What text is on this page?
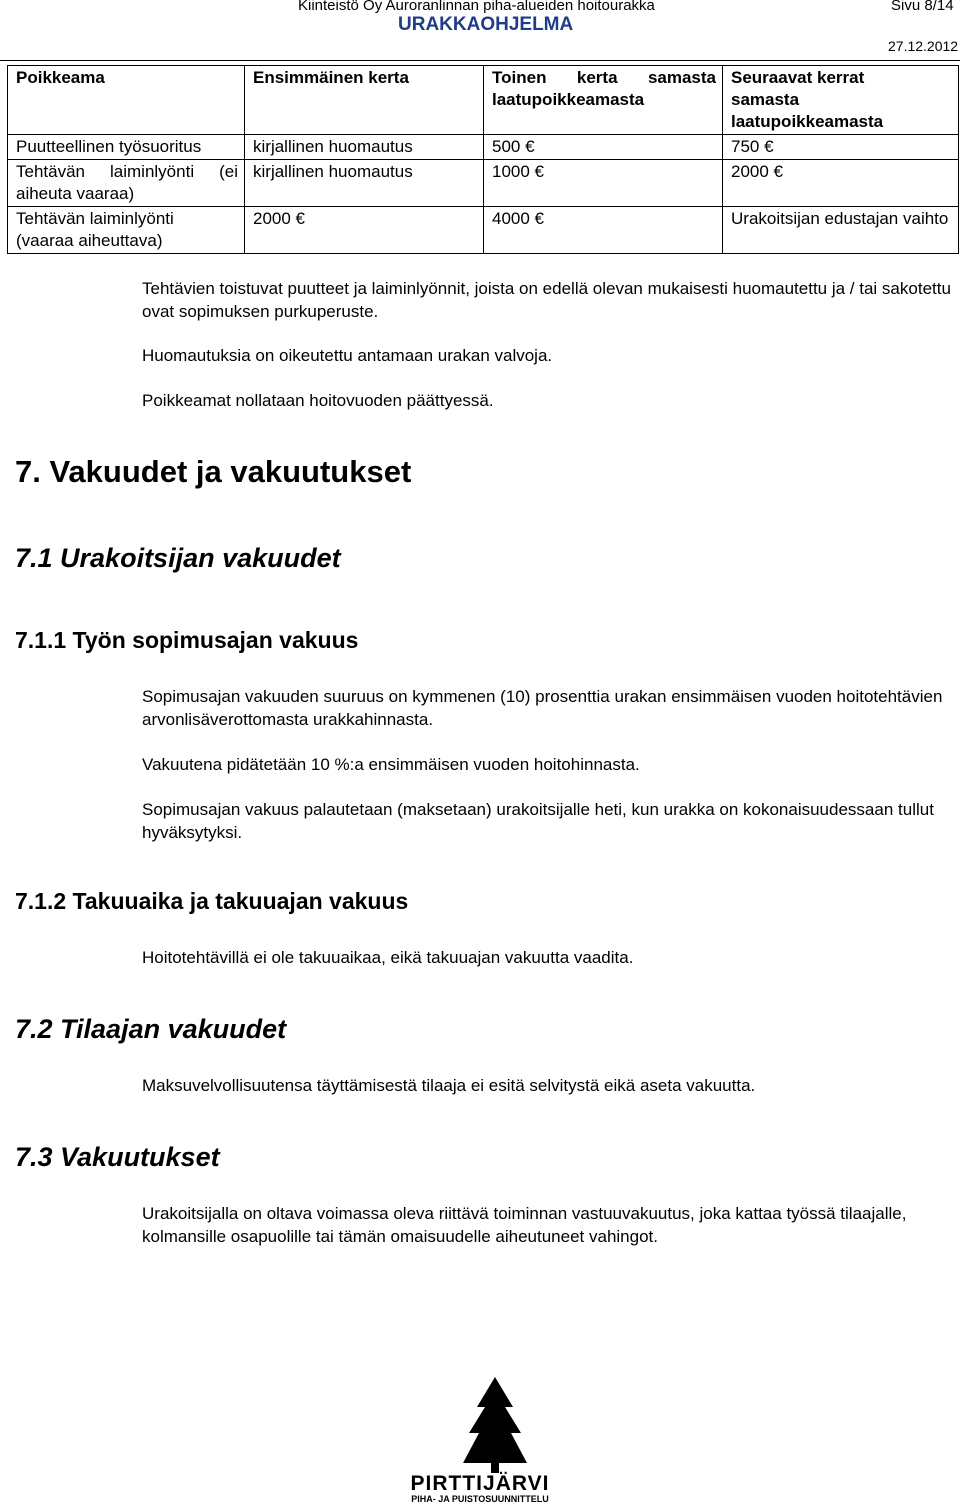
Kiinteistö Oy Auroranlinnan piha-alueiden hoitourakka
URAKKAOHJELMA
Sivu 8/14
27.12.2012
Poikkeama	Ensimmäinen kerta	Toinen kerta samasta laatupoikkeamasta	Seuraavat kerrat samasta laatupoikkeamasta
Puutteellinen työsuoritus	kirjallinen huomautus	500 €	750 €
Tehtävän laiminlyönti (ei aiheuta vaaraa)	kirjallinen huomautus	1000 €	2000 €
Tehtävän laiminlyönti (vaaraa aiheuttava)	2000 €	4000 €	Urakoitsijan edustajan vaihto
Tehtävien toistuvat puutteet ja laiminlyönnit, joista on edellä olevan mukaisesti huomautettu ja / tai sakotettu ovat sopimuksen purkuperuste.
Huomautuksia on oikeutettu antamaan urakan valvoja.
Poikkeamat nollataan hoitovuoden päättyessä.
7. Vakuudet ja vakuutukset
7.1 Urakoitsijan vakuudet
7.1.1 Työn sopimusajan vakuus
Sopimusajan vakuuden suuruus on kymmenen (10) prosenttia urakan ensimmäisen vuoden hoitotehtävien arvonlisäverottomasta urakkahinnasta.
Vakuutena pidätetään 10 %:a ensimmäisen vuoden hoitohinnasta.
Sopimusajan vakuus palautetaan (maksetaan) urakoitsijalle heti, kun urakka on kokonaisuudessaan tullut hyväksytyksi.
7.1.2 Takuuaika ja takuuajan vakuus
Hoitotehtävillä ei ole takuuaikaa, eikä takuuajan vakuutta vaadita.
7.2 Tilaajan vakuudet
Maksuvelvollisuutensa täyttämisestä tilaaja ei esitä selvitystä eikä aseta vakuutta.
7.3 Vakuutukset
Urakoitsijalla on oltava voimassa oleva riittävä toiminnan vastuuvakuutus, joka kattaa työssä tilaajalle, kolmansille osapuolille tai tämän omaisuudelle aiheutuneet vahingot.
PIRTTIJÄRVI
PIHA- JA PUISTOSUUNNITTELU
